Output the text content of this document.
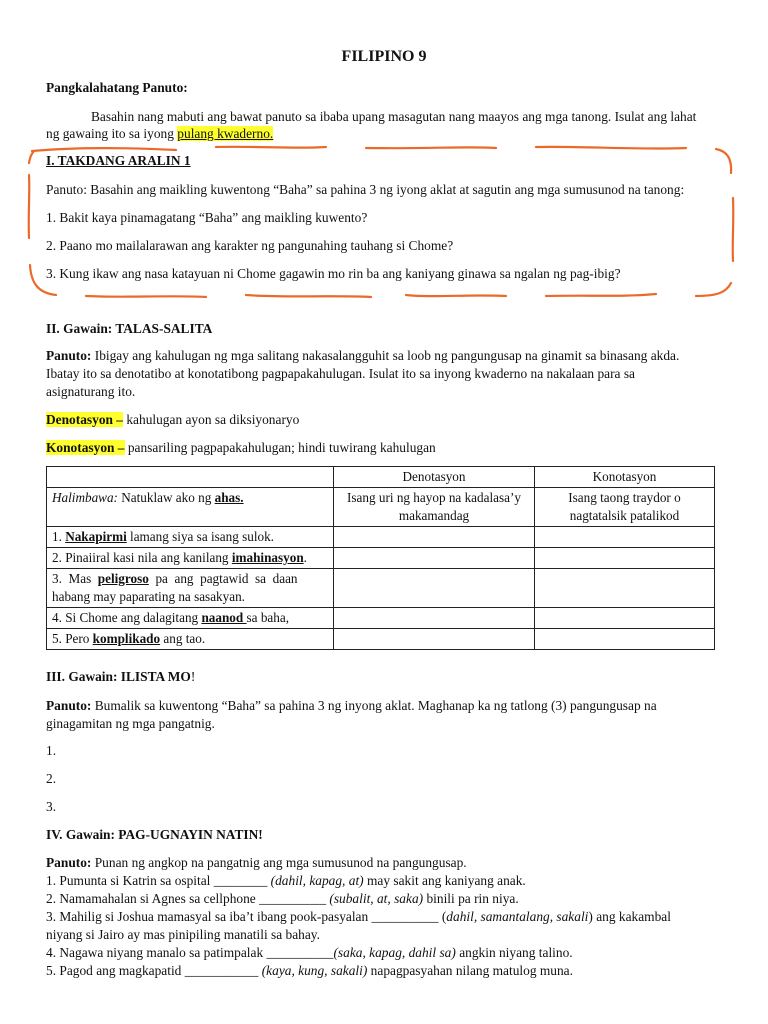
FILIPINO 9
Pangkalahatang Panuto:
Basahin nang mabuti ang bawat panuto sa ibaba upang masagutan nang maayos ang mga tanong. Isulat ang lahat
ng gawaing ito sa iyong pulang kwaderno.
I. TAKDANG ARALIN 1
Panuto: Basahin ang maikling kuwentong “Baha” sa pahina 3 ng iyong aklat at sagutin ang mga sumusunod na tanong:
1. Bakit kaya pinamagatang “Baha” ang maikling kuwento?
2. Paano mo mailalarawan ang karakter ng pangunahing tauhang si Chome?
3. Kung ikaw ang nasa katayuan ni Chome gagawin mo rin ba ang kaniyang ginawa sa ngalan ng pag-ibig?
II. Gawain: TALAS-SALITA
Panuto: Ibigay ang kahulugan ng mga salitang nakasalangguhit sa loob ng pangungusap na ginamit sa binasang akda.
Ibatay ito sa denotatibo at konotatibong pagpapakahulugan. Isulat ito sa inyong kwaderno na nakalaan para sa
asignaturang ito.
Denotasyon – kahulugan ayon sa diksiyonaryo
Konotasyon – pansariling pagpapakahulugan; hindi tuwirang kahulugan
	Denotasyon	Konotasyon
Halimbawa: Natuklaw ako ng ahas.	Isang uri ng hayop na kadalasa’y makamandag	Isang taong traydor o nagtatalsik patalikod
1. Nakapirmi lamang siya sa isang sulok.		
2. Pinaiiral kasi nila ang kanilang imahinasyon.		

3.  Mas  peligroso  pa  ang  pagtawid  sa  daan
habang may paparating na sasakyan.		

4. Si Chome ang dalagitang naanod sa baha,		
5. Pero komplikado ang tao.		
III. Gawain: ILISTA MO!
Panuto: Bumalik sa kuwentong “Baha” sa pahina 3 ng inyong aklat. Maghanap ka ng tatlong (3) pangungusap na
ginagamitan ng mga pangatnig.
1.
2.
3.
IV. Gawain: PAG-UGNAYIN NATIN!
Panuto: Punan ng angkop na pangatnig ang mga sumusunod na pangungusap.
1. Pumunta si Katrin sa ospital ________ (dahil, kapag, at) may sakit ang kaniyang anak.
2. Namamahalan si Agnes sa cellphone __________ (subalit, at, saka) binili pa rin niya.
3. Mahilig si Joshua mamasyal sa iba’t ibang pook-pasyalan __________ (dahil, samantalang, sakali) ang kakambal
niyang si Jairo ay mas pinipiling manatili sa bahay.
4. Nagawa niyang manalo sa patimpalak __________(saka, kapag, dahil sa) angkin niyang talino.
5. Pagod ang magkapatid ___________ (kaya, kung, sakali) napagpasyahan nilang matulog muna.
